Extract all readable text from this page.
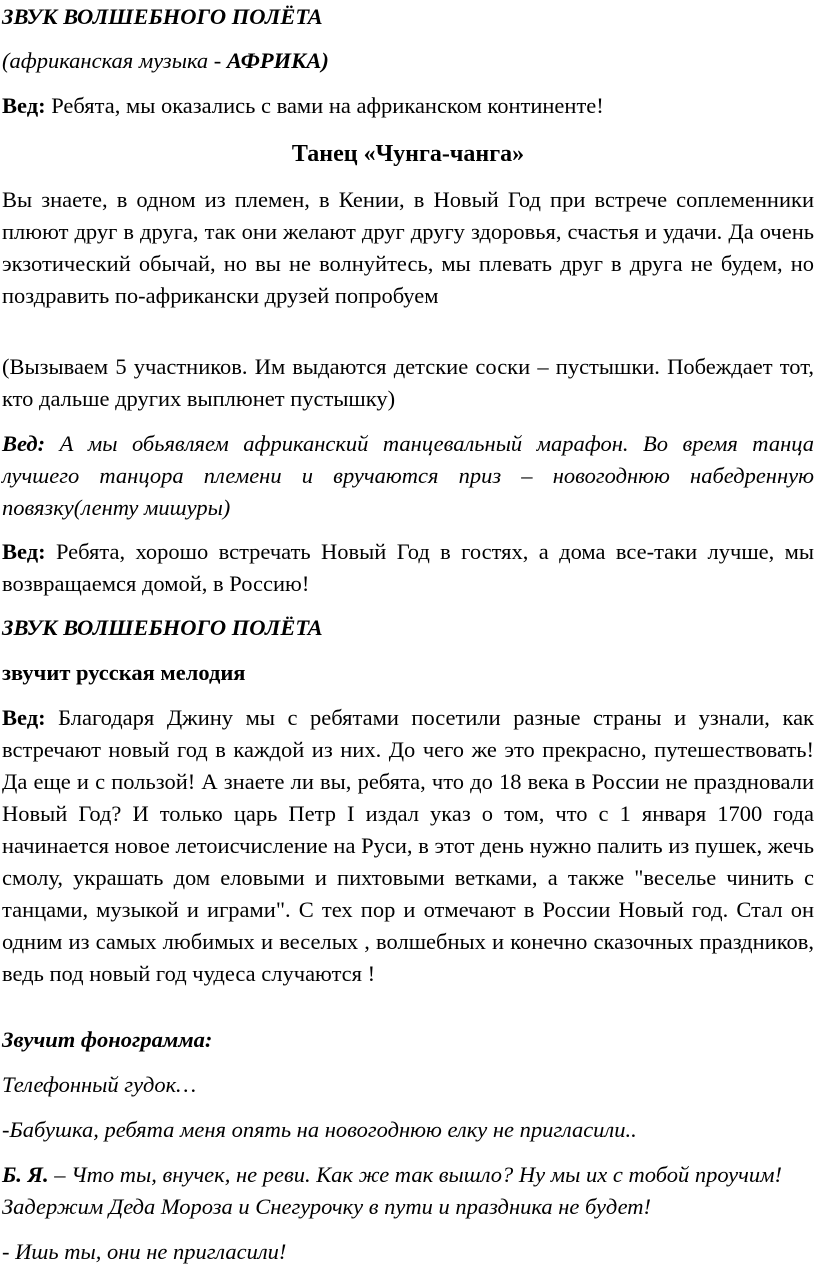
ЗВУК ВОЛШЕБНОГО ПОЛЁТА

(африканская музыка - АФРИКА)

Вед: Ребята, мы оказались с вами на африканском континенте!

Танец «Чунга-чанга»

Вы знаете, в одном из племен, в Кении, в Новый Год при встрече соплеменники плюют друг в друга, так они желают друг другу здоровья, счастья и удачи. Да очень экзотический обычай, но вы не волнуйтесь, мы плевать друг в друга не будем, но поздравить по-африкански друзей попробуем

(Вызываем 5 участников. Им выдаются детские соски – пустышки. Побеждает тот, кто дальше других выплюнет пустышку)

Вед: А мы обьявляем африканский танцевальный марафон. Во время танца лучшего танцора племени и вручаются приз – новогоднюю набедренную повязку(ленту мишуры)

Вед: Ребята, хорошо встречать Новый Год в гостях, а дома все-таки лучше, мы возвращаемся домой, в Россию!

ЗВУК ВОЛШЕБНОГО ПОЛЁТА

звучит русская мелодия

Вед: Благодаря Джину мы с ребятами посетили разные страны и узнали, как встречают новый год в каждой из них. До чего же это прекрасно, путешествовать! Да еще и с пользой! А знаете ли вы, ребята, что до 18 века в России не праздновали Новый Год? И только царь Петр I издал указ о том, что с 1 января 1700 года начинается новое летоисчисление на Руси, в этот день нужно палить из пушек, жечь смолу, украшать дом еловыми и пихтовыми ветками, а также "веселье чинить с танцами, музыкой и играми". С тех пор и отмечают в России Новый год. Стал он одним из самых любимых и веселых , волшебных и конечно сказочных праздников, ведь под новый год чудеса случаются !

Звучит фонограмма:

Телефонный гудок…

-Бабушка, ребята меня опять на новогоднюю елку не пригласили..

Б. Я. – Что ты, внучек, не реви. Как же так вышло? Ну мы их с тобой проучим! Задержим Деда Мороза и Снегурочку в пути и праздника не будет!

- Ишь ты, они не пригласили!
